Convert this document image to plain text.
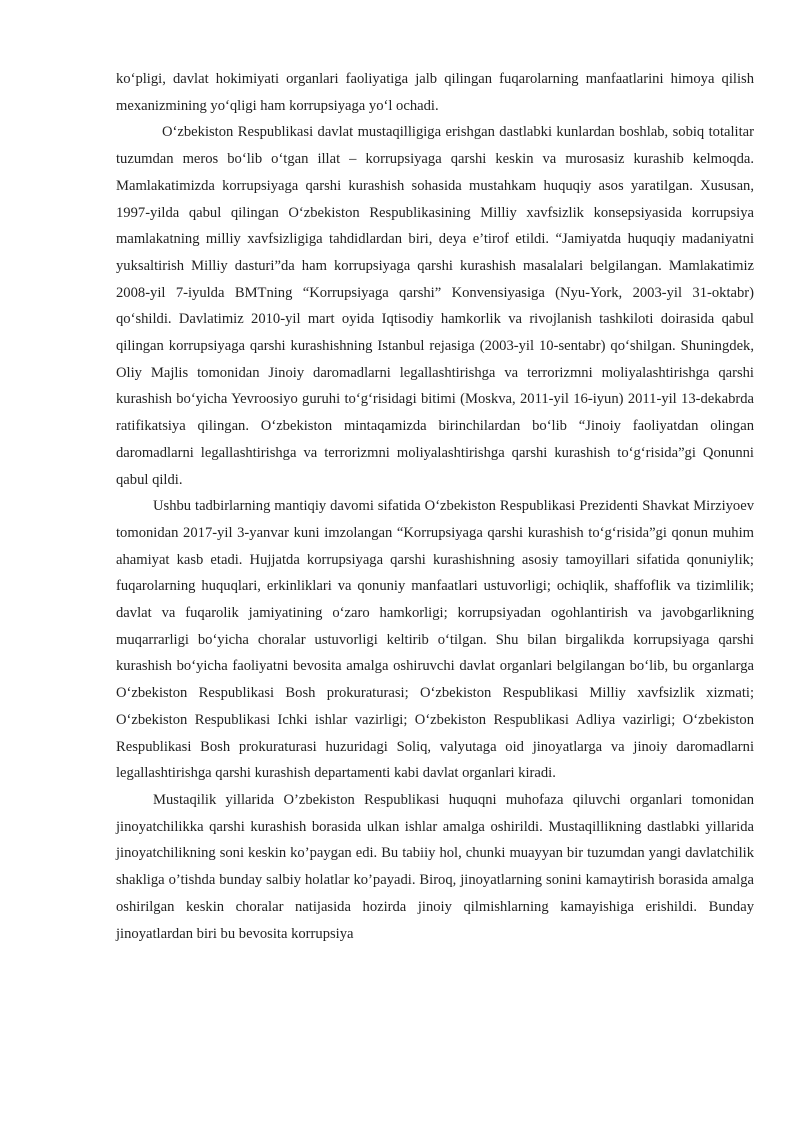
ko‘pligi, davlat hokimiyati organlari faoliyatiga jalb qilingan fuqarolarning manfaatlarini himoya qilish mexanizmining yo‘qligi ham korrupsiyaga yo‘l ochadi.

O‘zbekiston Respublikasi davlat mustaqilligiga erishgan dastlabki kunlardan boshlab, sobiq totalitar tuzumdan meros bo‘lib o‘tgan illat – korrupsiyaga qarshi keskin va murosasiz kurashib kelmoqda. Mamlakatimizda korrupsiyaga qarshi kurashish sohasida mustahkam huquqiy asos yaratilgan. Xususan, 1997-yilda qabul qilingan O‘zbekiston Respublikasining Milliy xavfsizlik konsepsiyasida korrupsiya mamlakatning milliy xavfsizligiga tahdidlardan biri, deya e’tirof etildi. “Jamiyatda huquqiy madaniyatni yuksaltirish Milliy dasturi”da ham korrupsiyaga qarshi kurashish masalalari belgilangan. Mamlakatimiz 2008-yil 7-iyulda BMTning “Korrupsiyaga qarshi” Konvensiyasiga (Nyu-York, 2003-yil 31-oktabr) qo‘shildi. Davlatimiz 2010-yil mart oyida Iqtisodiy hamkorlik va rivojlanish tashkiloti doirasida qabul qilingan korrupsiyaga qarshi kurashishning Istanbul rejasiga (2003-yil 10-sentabr) qo‘shilgan. Shuningdek, Oliy Majlis tomonidan Jinoiy daromadlarni legallashtirishga va terrorizmni moliyalashtirishga qarshi kurashish bo‘yicha Yevroosiyo guruhi to‘g‘risidagi bitimi (Moskva, 2011-yil 16-iyun) 2011-yil 13-dekabrda ratifikatsiya qilingan. O‘zbekiston mintaqamizda birinchilardan bo‘lib “Jinoiy faoliyatdan olingan daromadlarni legallashtirishga va terrorizmni moliyalashtirishga qarshi kurashish to‘g‘risida”gi Qonunni qabul qildi.

Ushbu tadbirlarning mantiqiy davomi sifatida O‘zbekiston Respublikasi Prezidenti Shavkat Mirziyoev tomonidan 2017-yil 3-yanvar kuni imzolangan “Korrupsiyaga qarshi kurashish to‘g‘risida”gi qonun muhim ahamiyat kasb etadi. Hujjatda korrupsiyaga qarshi kurashishning asosiy tamoyillari sifatida qonuniylik; fuqarolarning huquqlari, erkinliklari va qonuniy manfaatlari ustuvorligi; ochiqlik, shaffoflik va tizimlilik; davlat va fuqarolik jamiyatining o‘zaro hamkorligi; korrupsiyadan ogohlantirish va javobgarlikning muqarrarligi bo‘yicha choralar ustuvorligi keltirib o‘tilgan. Shu bilan birgalikda korrupsiyaga qarshi kurashish bo‘yicha faoliyatni bevosita amalga oshiruvchi davlat organlari belgilangan bo‘lib, bu organlarga O‘zbekiston Respublikasi Bosh prokuraturasi; O‘zbekiston Respublikasi Milliy xavfsizlik xizmati; O‘zbekiston Respublikasi Ichki ishlar vazirligi; O‘zbekiston Respublikasi Adliya vazirligi; O‘zbekiston Respublikasi Bosh prokuraturasi huzuridagi Soliq, valyutaga oid jinoyatlarga va jinoiy daromadlarni legallashtirishga qarshi kurashish departamenti kabi davlat organlari kiradi.

Mustaqilik yillarida O’zbekiston Respublikasi huquqni muhofaza qiluvchi organlari tomonidan jinoyatchilikka qarshi kurashish borasida ulkan ishlar amalga oshirildi. Mustaqillikning dastlabki yillarida jinoyatchilikning soni keskin ko’paygan edi. Bu tabiiy hol, chunki muayyan bir tuzumdan yangi davlatchilik shakliga o’tishda bunday salbiy holatlar ko’payadi. Biroq, jinoyatlarning sonini kamaytirish borasida amalga oshirilgan keskin choralar natijasida hozirda jinoiy qilmishlarning kamayishiga erishildi. Bunday jinoyatlardan biri bu bevosita korrupsiya
